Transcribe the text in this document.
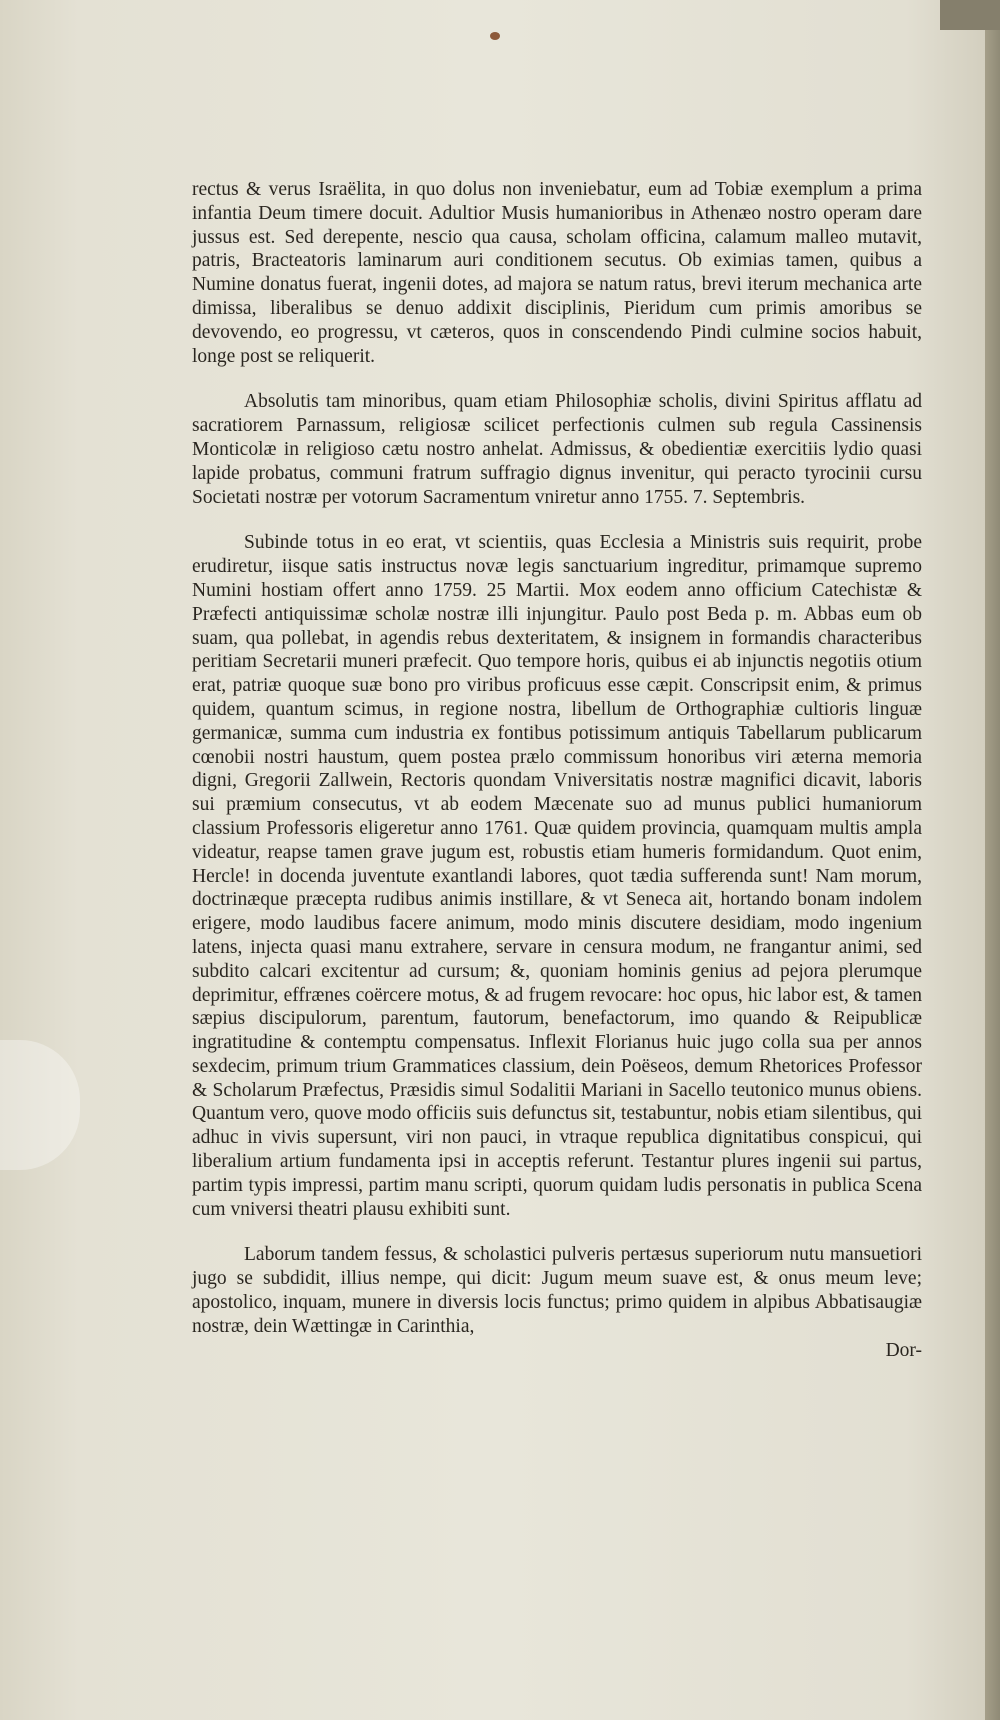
rectus & verus Israëlita, in quo dolus non inveniebatur, eum ad Tobiæ exemplum a prima infantia Deum timere docuit. Adultior Musis humanioribus in Athenæo nostro operam dare jussus est. Sed derepente, nescio qua causa, scholam officina, calamum malleo mutavit, patris, Bracteatoris laminarum auri conditionem secutus. Ob eximias tamen, quibus a Numine donatus fuerat, ingenii dotes, ad majora se natum ratus, brevi iterum mechanica arte dimissa, liberalibus se denuo addixit disciplinis, Pieridum cum primis amoribus se devovendo, eo progressu, vt cæteros, quos in conscendendo Pindi culmine socios habuit, longe post se reliquerit.

Absolutis tam minoribus, quam etiam Philosophiæ scholis, divini Spiritus afflatu ad sacratiorem Parnassum, religiosæ scilicet perfectionis culmen sub regula Cassinensis Monticolæ in religioso cætu nostro anhelat. Admissus, & obedientiæ exercitiis lydio quasi lapide probatus, communi fratrum suffragio dignus invenitur, qui peracto tyrocinii cursu Societati nostræ per votorum Sacramentum vniretur anno 1755. 7. Septembris.

Subinde totus in eo erat, vt scientiis, quas Ecclesia a Ministris suis requirit, probe erudiretur, iisque satis instructus novæ legis sanctuarium ingreditur, primamque supremo Numini hostiam offert anno 1759. 25 Martii. Mox eodem anno officium Catechistæ & Præfecti antiquissimæ scholæ nostræ illi injungitur. Paulo post Beda p. m. Abbas eum ob suam, qua pollebat, in agendis rebus dexteritatem, & insignem in formandis characteribus peritiam Secretarii muneri præfecit. Quo tempore horis, quibus ei ab injunctis negotiis otium erat, patriæ quoque suæ bono pro viribus proficuus esse cæpit. Conscripsit enim, & primus quidem, quantum scimus, in regione nostra, libellum de Orthographiæ cultioris linguæ germanicæ, summa cum industria ex fontibus potissimum antiquis Tabellarum publicarum cœnobii nostri haustum, quem postea prælo commissum honoribus viri æterna memoria digni, Gregorii Zallwein, Rectoris quondam Vniversitatis nostræ magnifici dicavit, laboris sui præmium consecutus, vt ab eodem Mæcenate suo ad munus publici humaniorum classium Professoris eligeretur anno 1761. Quæ quidem provincia, quamquam multis ampla videatur, reapse tamen grave jugum est, robustis etiam humeris formidandum. Quot enim, Hercle! in docenda juventute exantlandi labores, quot tædia sufferenda sunt! Nam morum, doctrinæque præcepta rudibus animis instillare, & vt Seneca ait, hortando bonam indolem erigere, modo laudibus facere animum, modo minis discutere desidiam, modo ingenium latens, injecta quasi manu extrahere, servare in censura modum, ne frangantur animi, sed subdito calcari excitentur ad cursum; &, quoniam hominis genius ad pejora plerumque deprimitur, effrænes coërcere motus, & ad frugem revocare: hoc opus, hic labor est, & tamen sæpius discipulorum, parentum, fautorum, benefactorum, imo quando & Reipublicæ ingratitudine & contemptu compensatus. Inflexit Florianus huic jugo colla sua per annos sexdecim, primum trium Grammatices classium, dein Poëseos, demum Rhetorices Professor & Scholarum Præfectus, Præsidis simul Sodalitii Mariani in Sacello teutonico munus obiens. Quantum vero, quove modo officiis suis defunctus sit, testabuntur, nobis etiam silentibus, qui adhuc in vivis supersunt, viri non pauci, in vtraque republica dignitatibus conspicui, qui liberalium artium fundamenta ipsi in acceptis referunt. Testantur plures ingenii sui partus, partim typis impressi, partim manu scripti, quorum quidam ludis personatis in publica Scena cum vniversi theatri plausu exhibiti sunt.

Laborum tandem fessus, & scholastici pulveris pertæsus superiorum nutu mansuetiori jugo se subdidit, illius nempe, qui dicit: Jugum meum suave est, & onus meum leve; apostolico, inquam, munere in diversis locis functus; primo quidem in alpibus Abbatisaugiæ nostræ, dein Wættingæ in Carinthia,

Dor-
